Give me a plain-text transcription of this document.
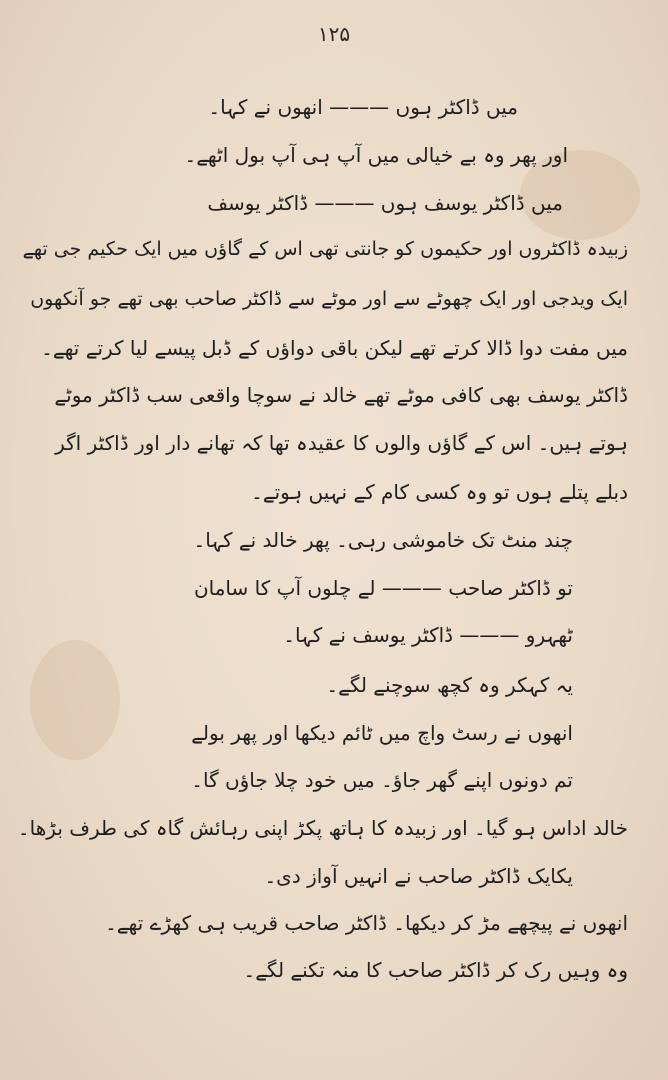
۱۲۵
میں ڈاکٹر ہوں ——— انھوں نے کہا۔
اور پھر وہ بے خیالی میں آپ ہی آپ بول اٹھے۔
میں ڈاکٹر یوسف ہوں ——— ڈاکٹر یوسف
زبیدہ ڈاکٹروں اور حکیموں کو جانتی تھی اس کے گاؤں میں ایک حکیم جی تھے
ایک ویدجی اور ایک چھوٹے سے اور موٹے سے ڈاکٹر صاحب بھی تھے جو آنکھوں
میں مفت دوا ڈالا کرتے تھے لیکن باقی دواؤں کے ڈبل پیسے لیا کرتے تھے۔
ڈاکٹر یوسف بھی کافی موٹے تھے خالد نے سوچا واقعی سب ڈاکٹر موٹے
ہوتے ہیں۔ اس کے گاؤں والوں کا عقیدہ تھا کہ تھانے دار اور ڈاکٹر اگر
دبلے پتلے ہوں تو وہ کسی کام کے نہیں ہوتے۔
چند منٹ تک خاموشی رہی۔ پھر خالد نے کہا۔
تو ڈاکٹر صاحب ——— لے چلوں آپ کا سامان
ٹھہرو ——— ڈاکٹر یوسف نے کہا۔
یہ کہکر وہ کچھ سوچنے لگے۔
انھوں نے رسٹ واچ میں ٹائم دیکھا اور پھر بولے
تم دونوں اپنے گھر جاؤ۔ میں خود چلا جاؤں گا۔
خالد اداس ہو گیا۔ اور زبیدہ کا ہاتھ پکڑ اپنی رہائش گاہ کی طرف بڑھا۔
یکایک ڈاکٹر صاحب نے انہیں آواز دی۔
انھوں نے پیچھے مڑ کر دیکھا۔ ڈاکٹر صاحب قریب ہی کھڑے تھے۔
وہ وہیں رک کر ڈاکٹر صاحب کا منہ تکنے لگے۔
